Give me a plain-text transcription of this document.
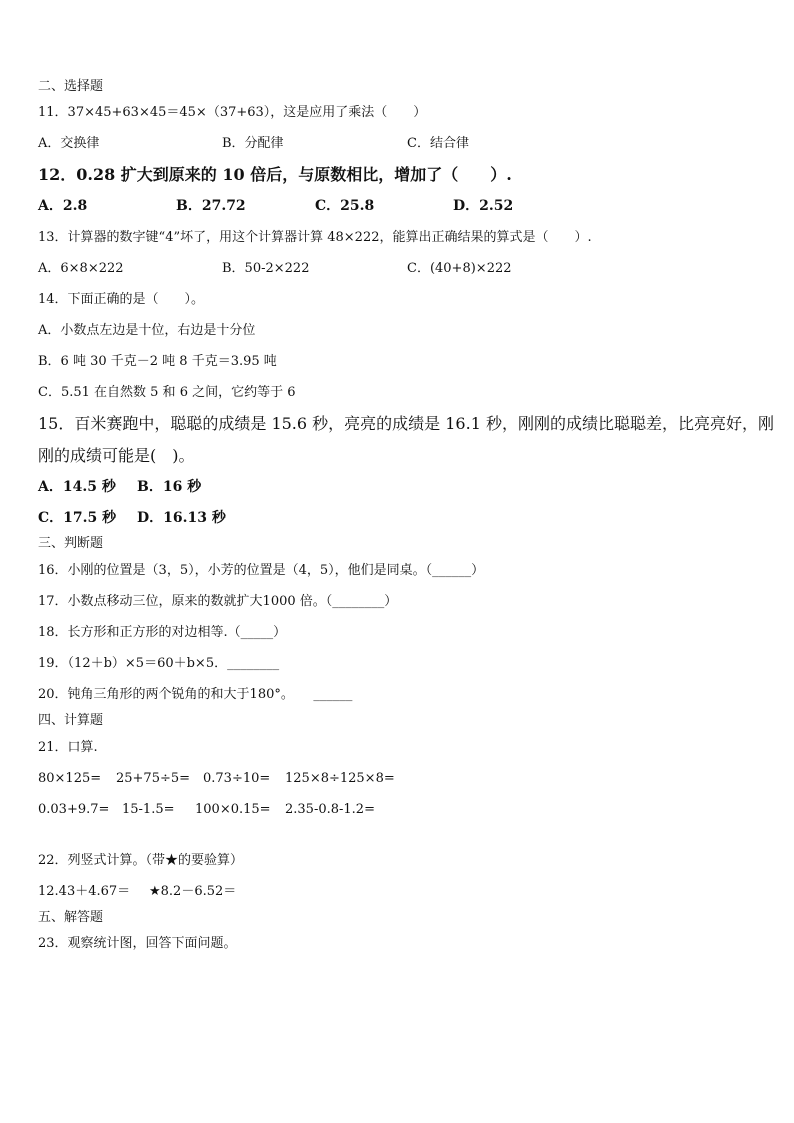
二、选择题
11．37×45+63×45＝45×（37+63），这是应用了乘法（　　）
A．交换律	B．分配律	C．结合律
12．0.28 扩大到原来的 10 倍后，与原数相比，增加了（　　）.
A．2.8	B．27.72	C．25.8	D．2.52
13．计算器的数字键“4”坏了，用这个计算器计算 48×222，能算出正确结果的算式是（　　）.
A．6×8×222	B．50-2×222	C．(40+8)×222
14．下面正确的是（　　）。
A．小数点左边是十位，右边是十分位
B．6 吨 30 千克－2 吨 8 千克＝3.95 吨
C．5.51 在自然数 5 和 6 之间，它约等于 6
15．百米赛跑中，聪聪的成绩是 15.6 秒，亮亮的成绩是 16.1 秒，刚刚的成绩比聪聪差，比亮亮好，刚
刚的成绩可能是(　)。
A．14.5 秒 B．16 秒
C．17.5 秒 D．16.13 秒
三、判断题
16．小刚的位置是（3，5），小芳的位置是（4，5），他们是同桌。（______）
17．小数点移动三位，原来的数就扩大1000 倍。（________）
18．长方形和正方形的对边相等.（_____）
19．（12＋b）×5＝60＋b×5．________
20．钝角三角形的两个锐角的和大于180°。　　______
四、计算题
21．口算.
80×125= 25+75÷5= 0.73÷10= 125×8÷125×8=
0.03+9.7= 15-1.5= 100×0.15= 2.35-0.8-1.2=
22．列竖式计算。（带★的要验算）
12.43＋4.67＝ ★8.2－6.52＝
五、解答题
23．观察统计图，回答下面问题。
